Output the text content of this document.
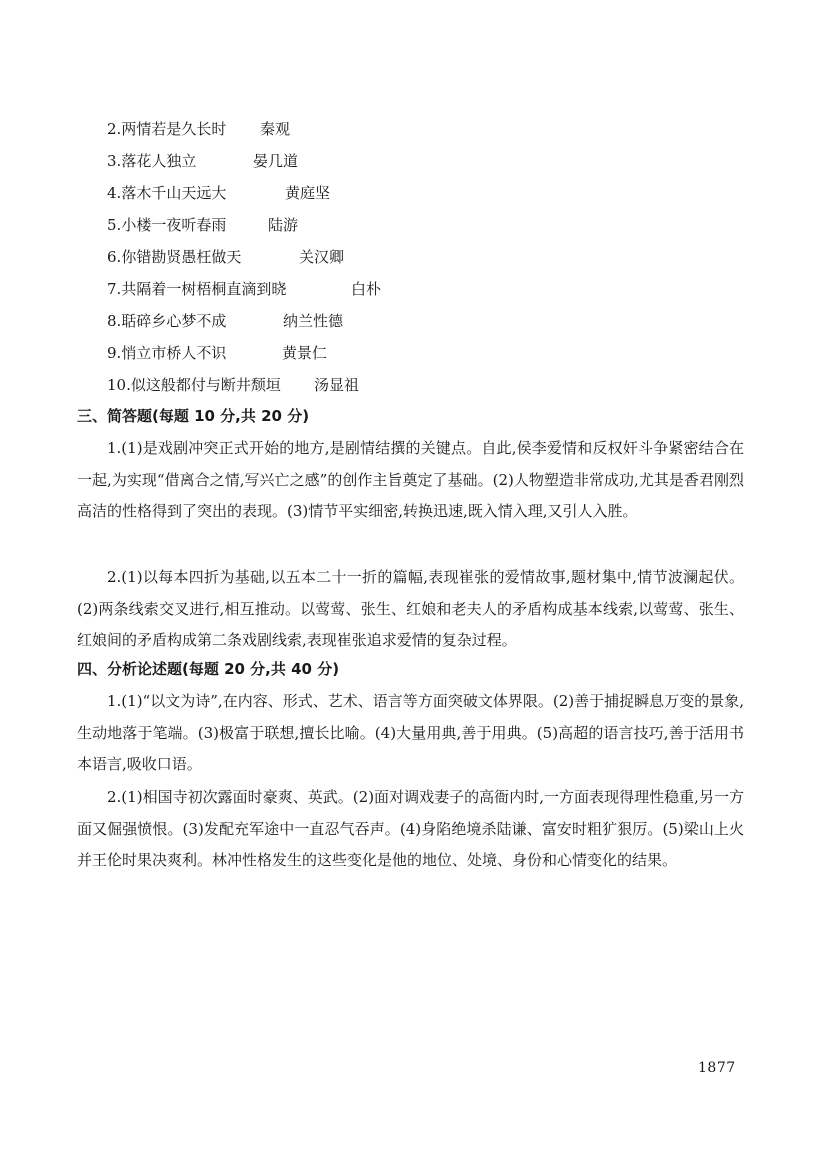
2.两情若是久长时 秦观
3.落花人独立	晏几道
4.落木千山天远大	黄庭坚
5.小楼一夜听春雨	陆游
6.你错勘贤愚枉做天	关汉卿
7.共隔着一树梧桐直滴到晓	白朴
8.聒碎乡心梦不成	纳兰性德
9.悄立市桥人不识	黄景仁
10.似这般都付与断井颓垣 汤显祖
三、简答题(每题 10 分,共 20 分)

1.(1)是戏剧冲突正式开始的地方,是剧情结撰的关键点。自此,侯李爱情和反权奸斗争紧密结合在一起,为实现“借离合之情,写兴亡之感”的创作主旨奠定了基础。(2)人物塑造非常成功,尤其是香君刚烈高洁的性格得到了突出的表现。(3)情节平实细密,转换迅速,既入情入理,又引人入胜。

2.(1)以每本四折为基础,以五本二十一折的篇幅,表现崔张的爱情故事,题材集中,情节波澜起伏。(2)两条线索交叉进行,相互推动。以莺莺、张生、红娘和老夫人的矛盾构成基本线索,以莺莺、张生、红娘间的矛盾构成第二条戏剧线索,表现崔张追求爱情的复杂过程。

四、分析论述题(每题 20 分,共 40 分)

1.(1)“以文为诗”,在内容、形式、艺术、语言等方面突破文体界限。(2)善于捕捉瞬息万变的景象,生动地落于笔端。(3)极富于联想,擅长比喻。(4)大量用典,善于用典。(5)高超的语言技巧,善于活用书本语言,吸收口语。

2.(1)相国寺初次露面时豪爽、英武。(2)面对调戏妻子的高衙内时,一方面表现得理性稳重,另一方面又倔强愤恨。(3)发配充军途中一直忍气吞声。(4)身陷绝境杀陆谦、富安时粗犷狠厉。(5)梁山上火并王伦时果决爽利。林冲性格发生的这些变化是他的地位、处境、身份和心情变化的结果。

1877
